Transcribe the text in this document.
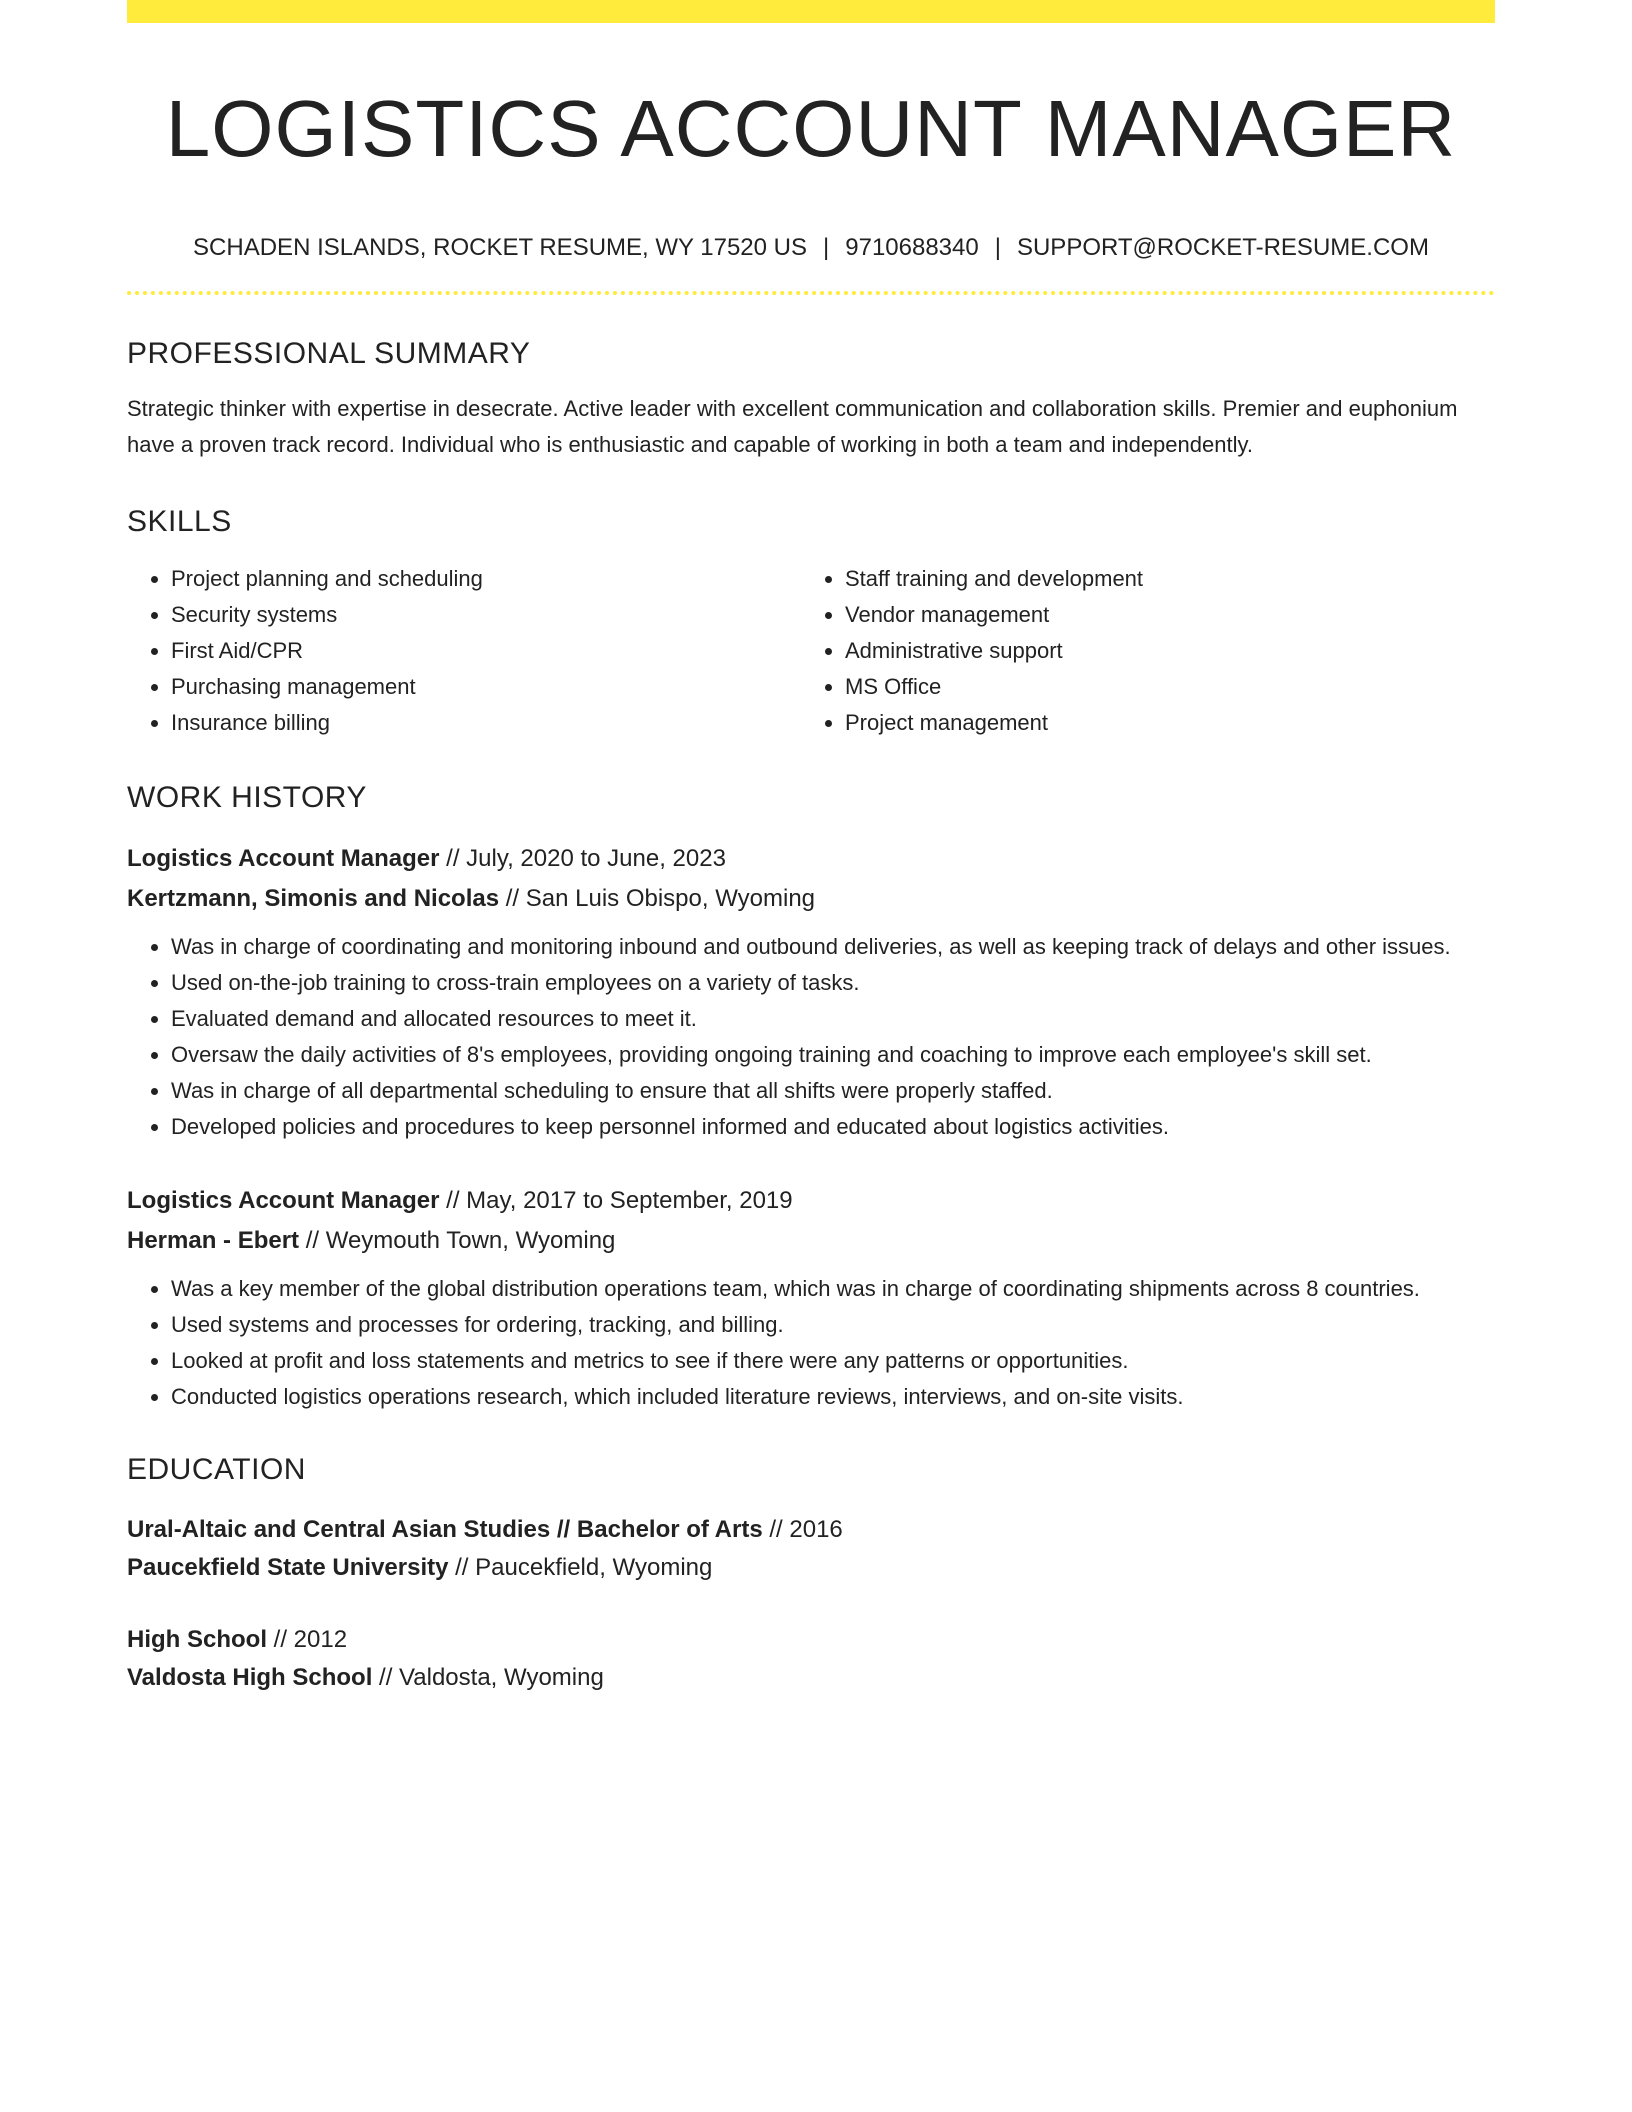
LOGISTICS ACCOUNT MANAGER
SCHADEN ISLANDS, ROCKET RESUME, WY 17520 US | 9710688340 | SUPPORT@ROCKET-RESUME.COM
PROFESSIONAL SUMMARY
Strategic thinker with expertise in desecrate. Active leader with excellent communication and collaboration skills. Premier and euphonium have a proven track record. Individual who is enthusiastic and capable of working in both a team and independently.
SKILLS
• Project planning and scheduling
• Security systems
• First Aid/CPR
• Purchasing management
• Insurance billing
• Staff training and development
• Vendor management
• Administrative support
• MS Office
• Project management
WORK HISTORY
Logistics Account Manager // July, 2020 to June, 2023
Kertzmann, Simonis and Nicolas // San Luis Obispo, Wyoming
• Was in charge of coordinating and monitoring inbound and outbound deliveries, as well as keeping track of delays and other issues.
• Used on-the-job training to cross-train employees on a variety of tasks.
• Evaluated demand and allocated resources to meet it.
• Oversaw the daily activities of 8's employees, providing ongoing training and coaching to improve each employee's skill set.
• Was in charge of all departmental scheduling to ensure that all shifts were properly staffed.
• Developed policies and procedures to keep personnel informed and educated about logistics activities.
Logistics Account Manager // May, 2017 to September, 2019
Herman - Ebert // Weymouth Town, Wyoming
• Was a key member of the global distribution operations team, which was in charge of coordinating shipments across 8 countries.
• Used systems and processes for ordering, tracking, and billing.
• Looked at profit and loss statements and metrics to see if there were any patterns or opportunities.
• Conducted logistics operations research, which included literature reviews, interviews, and on-site visits.
EDUCATION
Ural-Altaic and Central Asian Studies // Bachelor of Arts // 2016
Paucekfield State University // Paucekfield, Wyoming
High School // 2012
Valdosta High School // Valdosta, Wyoming
